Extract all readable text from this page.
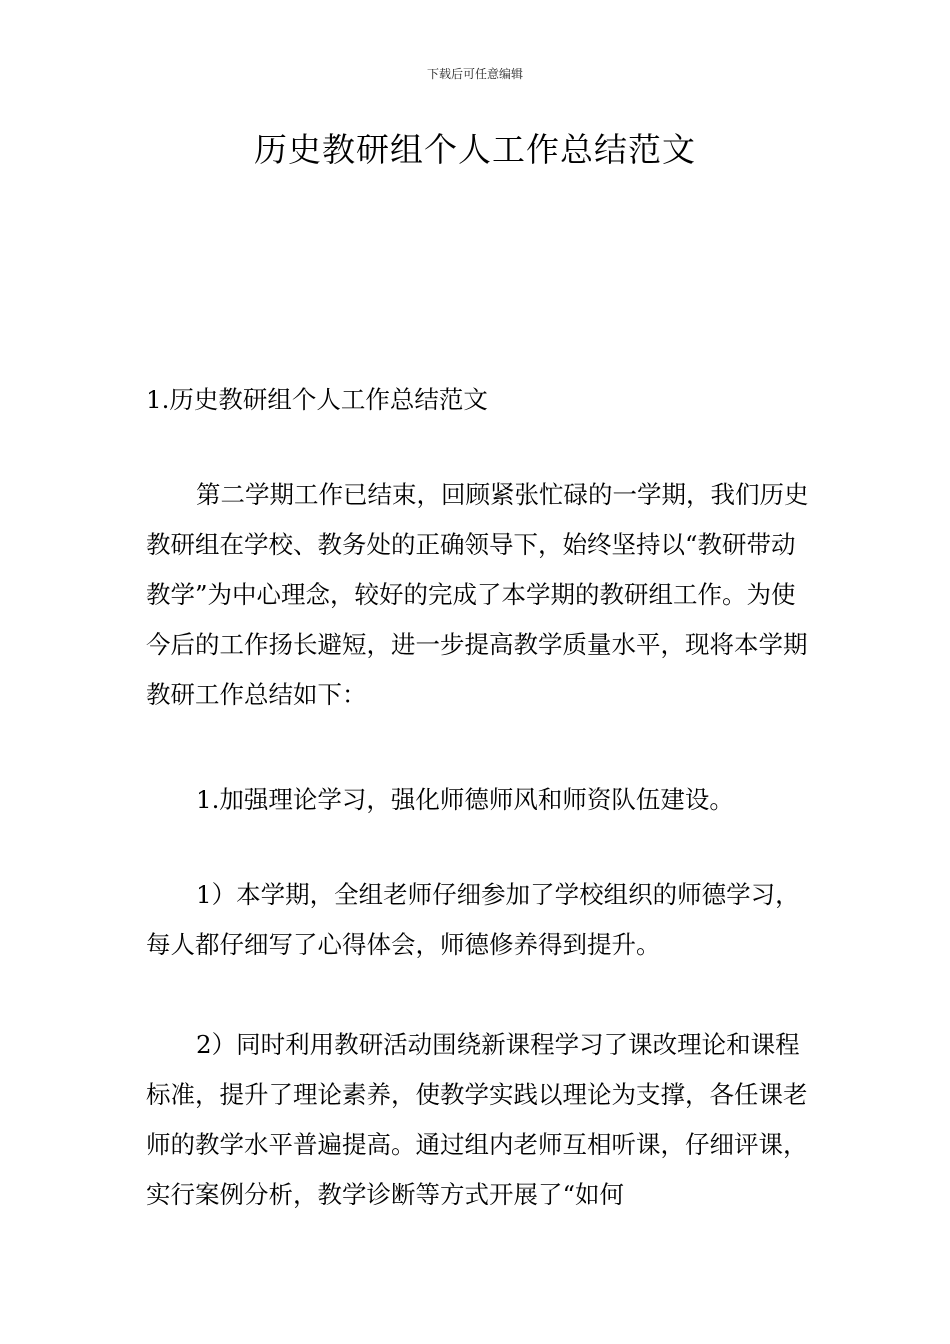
下载后可任意编辑
历史教研组个人工作总结范文

1.历史教研组个人工作总结范文

第二学期工作已结束，回顾紧张忙碌的一学期，我们历史教研组在学校、教务处的正确领导下，始终坚持以“教研带动教学”为中心理念，较好的完成了本学期的教研组工作。为使今后的工作扬长避短，进一步提高教学质量水平，现将本学期教研工作总结如下：

1.加强理论学习，强化师德师风和师资队伍建设。

1）本学期，全组老师仔细参加了学校组织的师德学习，每人都仔细写了心得体会，师德修养得到提升。

2）同时利用教研活动围绕新课程学习了课改理论和课程标准，提升了理论素养，使教学实践以理论为支撑，各任课老师的教学水平普遍提高。通过组内老师互相听课，仔细评课，实行案例分析，教学诊断等方式开展了“如何
